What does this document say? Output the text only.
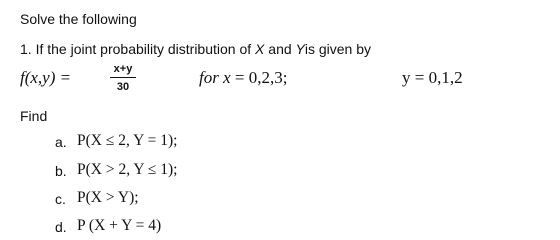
Solve the following
1. If the joint probability distribution of X and Yis given by
f(x,y) =	x+y
30	for x = 0,2,3;	y = 0,1,2
Find
a. P(X ≤ 2, Y = 1);
b. P(X > 2, Y ≤ 1);
c. P(X > Y);
d. P (X + Y = 4)
